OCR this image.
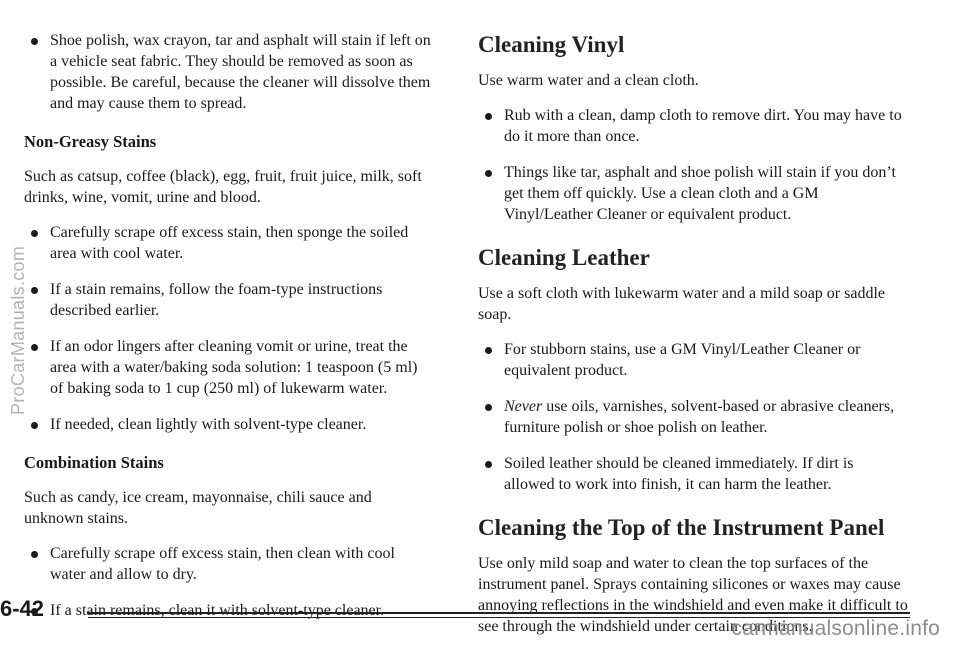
Shoe polish, wax crayon, tar and asphalt will stain if left on a vehicle seat fabric. They should be removed as soon as possible. Be careful, because the cleaner will dissolve them and may cause them to spread.

Non-Greasy Stains

Such as catsup, coffee (black), egg, fruit, fruit juice, milk, soft drinks, wine, vomit, urine and blood.

Carefully scrape off excess stain, then sponge the soiled area with cool water.

If a stain remains, follow the foam-type instructions described earlier.

If an odor lingers after cleaning vomit or urine, treat the area with a water/baking soda solution: 1 teaspoon (5 ml) of baking soda to 1 cup (250 ml) of lukewarm water.

If needed, clean lightly with solvent-type cleaner.

Combination Stains

Such as candy, ice cream, mayonnaise, chili sauce and unknown stains.

Carefully scrape off excess stain, then clean with cool water and allow to dry.

If a stain remains, clean it with solvent-type cleaner.

Cleaning Vinyl

Use warm water and a clean cloth.

Rub with a clean, damp cloth to remove dirt. You may have to do it more than once.

Things like tar, asphalt and shoe polish will stain if you don’t get them off quickly. Use a clean cloth and a GM Vinyl/Leather Cleaner or equivalent product.

Cleaning Leather

Use a soft cloth with lukewarm water and a mild soap or saddle soap.

For stubborn stains, use a GM Vinyl/Leather Cleaner or equivalent product.

Never use oils, varnishes, solvent-based or abrasive cleaners, furniture polish or shoe polish on leather.

Soiled leather should be cleaned immediately. If dirt is allowed to work into finish, it can harm the leather.

Cleaning the Top of the Instrument Panel

Use only mild soap and water to clean the top surfaces of the instrument panel. Sprays containing silicones or waxes may cause annoying reflections in the windshield and even make it difficult to see through the windshield under certain conditions.

6-42
ProCarManuals.com
carmanualsonline.info
